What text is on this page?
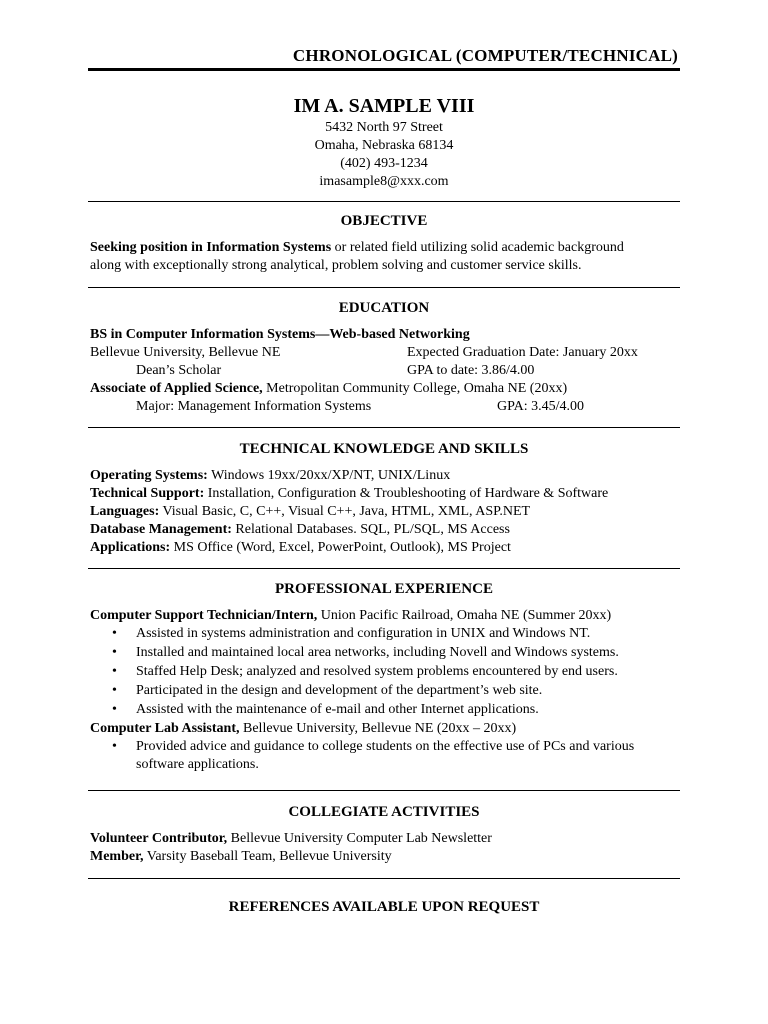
CHRONOLOGICAL (COMPUTER/TECHNICAL)
IM A. SAMPLE VIII
5432 North 97 Street
Omaha, Nebraska 68134
(402) 493-1234
imasample8@xxx.com
OBJECTIVE
Seeking position in Information Systems or related field utilizing solid academic background
along with exceptionally strong analytical, problem solving and customer service skills.
EDUCATION
BS in Computer Information Systems—Web-based Networking
Bellevue University, Bellevue NE	Expected Graduation Date: January 20xx
Dean’s Scholar	GPA to date: 3.86/4.00
Associate of Applied Science, Metropolitan Community College, Omaha NE (20xx)
Major: Management Information Systems	GPA: 3.45/4.00
TECHNICAL KNOWLEDGE AND SKILLS
Operating Systems: Windows 19xx/20xx/XP/NT, UNIX/Linux
Technical Support: Installation, Configuration & Troubleshooting of Hardware & Software
Languages: Visual Basic, C, C++, Visual C++, Java, HTML, XML, ASP.NET
Database Management: Relational Databases. SQL, PL/SQL, MS Access
Applications: MS Office (Word, Excel, PowerPoint, Outlook), MS Project
PROFESSIONAL EXPERIENCE
Computer Support Technician/Intern, Union Pacific Railroad, Omaha NE (Summer 20xx)
• Assisted in systems administration and configuration in UNIX and Windows NT.
• Installed and maintained local area networks, including Novell and Windows systems.
• Staffed Help Desk; analyzed and resolved system problems encountered by end users.
• Participated in the design and development of the department’s web site.
• Assisted with the maintenance of e-mail and other Internet applications.
Computer Lab Assistant, Bellevue University, Bellevue NE (20xx – 20xx)
• Provided advice and guidance to college students on the effective use of PCs and various
software applications.
COLLEGIATE ACTIVITIES
Volunteer Contributor, Bellevue University Computer Lab Newsletter
Member, Varsity Baseball Team, Bellevue University
REFERENCES AVAILABLE UPON REQUEST
